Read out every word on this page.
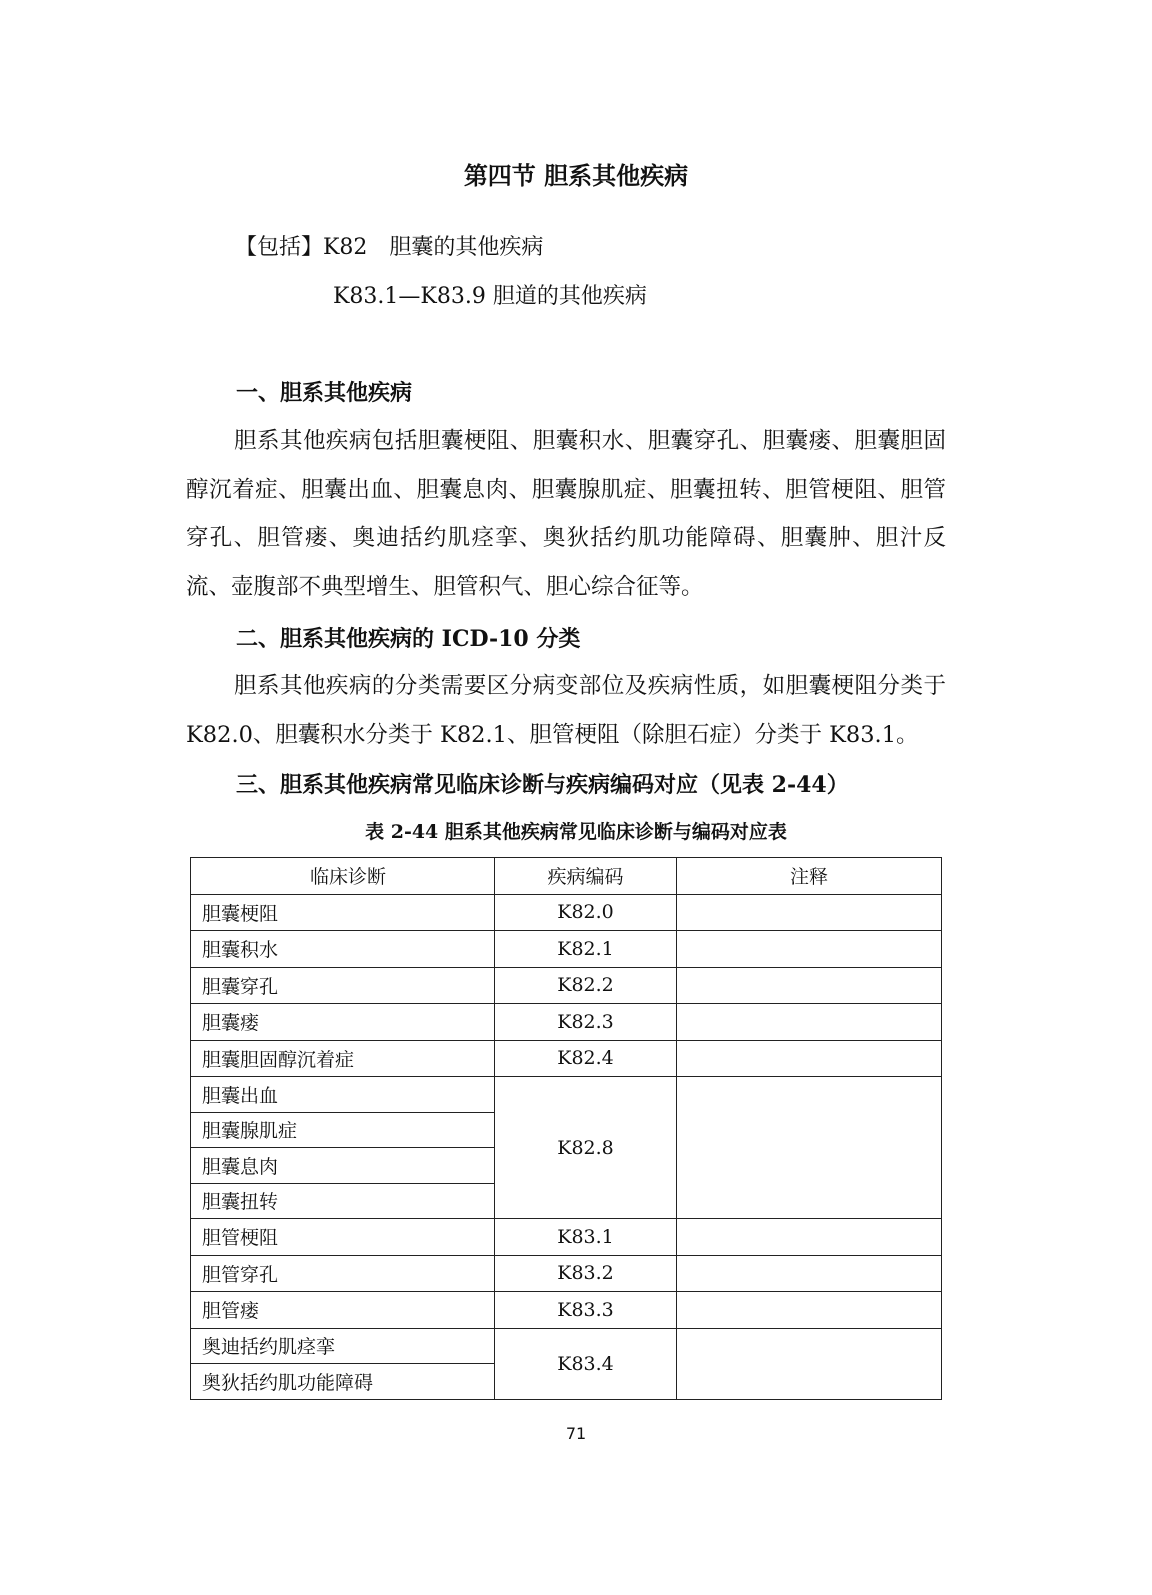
第四节 胆系其他疾病
【包括】K82　胆囊的其他疾病
K83.1—K83.9 胆道的其他疾病
一、胆系其他疾病
胆系其他疾病包括胆囊梗阻、胆囊积水、胆囊穿孔、胆囊瘘、胆囊胆固醇沉着症、胆囊出血、胆囊息肉、胆囊腺肌症、胆囊扭转、胆管梗阻、胆管穿孔、胆管瘘、奥迪括约肌痉挛、奥狄括约肌功能障碍、胆囊肿、胆汁反流、壶腹部不典型增生、胆管积气、胆心综合征等。
二、胆系其他疾病的 ICD-10 分类
胆系其他疾病的分类需要区分病变部位及疾病性质，如胆囊梗阻分类于 K82.0、胆囊积水分类于 K82.1、胆管梗阻（除胆石症）分类于 K83.1。
三、胆系其他疾病常见临床诊断与疾病编码对应（见表 2-44）
表 2-44 胆系其他疾病常见临床诊断与编码对应表
临床诊断	疾病编码	注释
胆囊梗阻	K82.0	
胆囊积水	K82.1	
胆囊穿孔	K82.2	
胆囊瘘	K82.3	
胆囊胆固醇沉着症	K82.4	
胆囊出血	K82.8	
胆囊腺肌症		
胆囊息肉		
胆囊扭转		
胆管梗阻	K83.1	
胆管穿孔	K83.2	
胆管瘘	K83.3	
奥迪括约肌痉挛	K83.4	
奥狄括约肌功能障碍		
71
